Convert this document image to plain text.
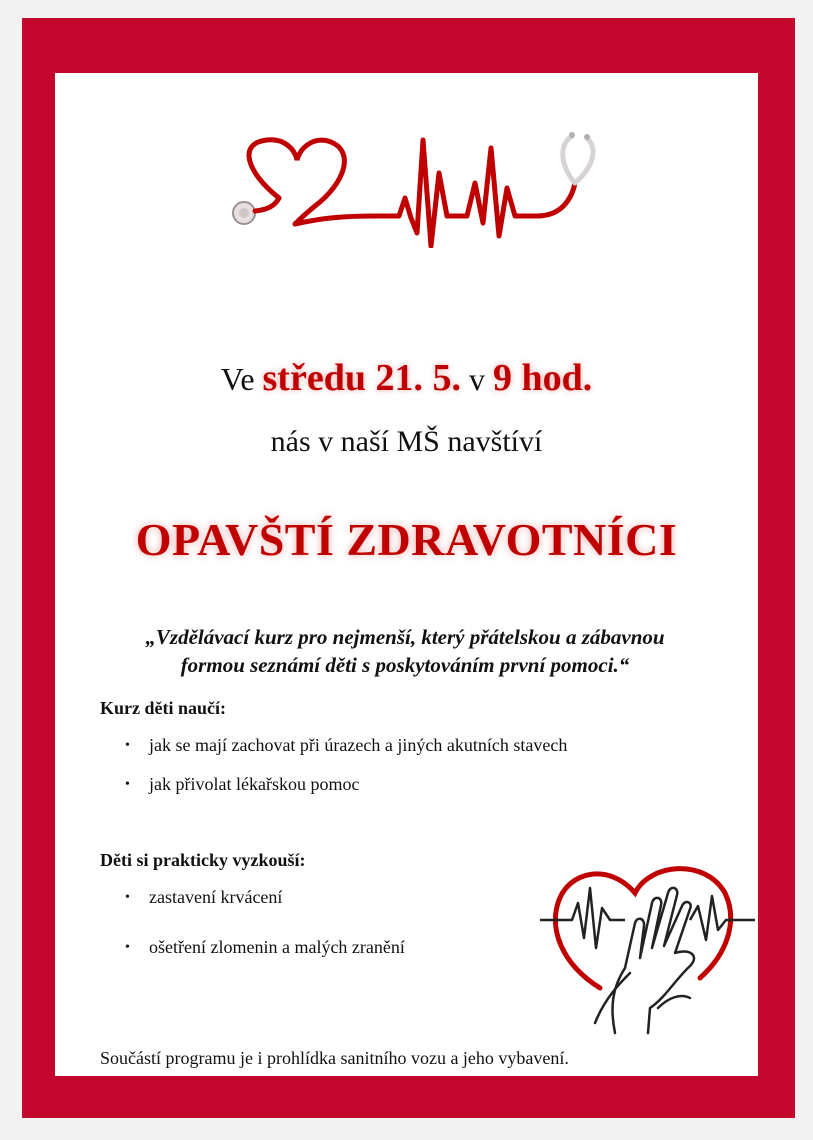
Ve středu 21. 5. v 9 hod.
nás v naší MŠ navštíví
OPAVŠTÍ ZDRAVOTNÍCI
„Vzdělávací kurz pro nejmenší, který přátelskou a zábavnou
formou seznámí děti s poskytováním první pomoci.“
Kurz děti naučí:
• jak se mají zachovat při úrazech a jiných akutních stavech
• jak přivolat lékařskou pomoc
Děti si prakticky vyzkouší:
• zastavení krvácení
• ošetření zlomenin a malých zranění
Součástí programu je i prohlídka sanitního vozu a jeho vybavení.
